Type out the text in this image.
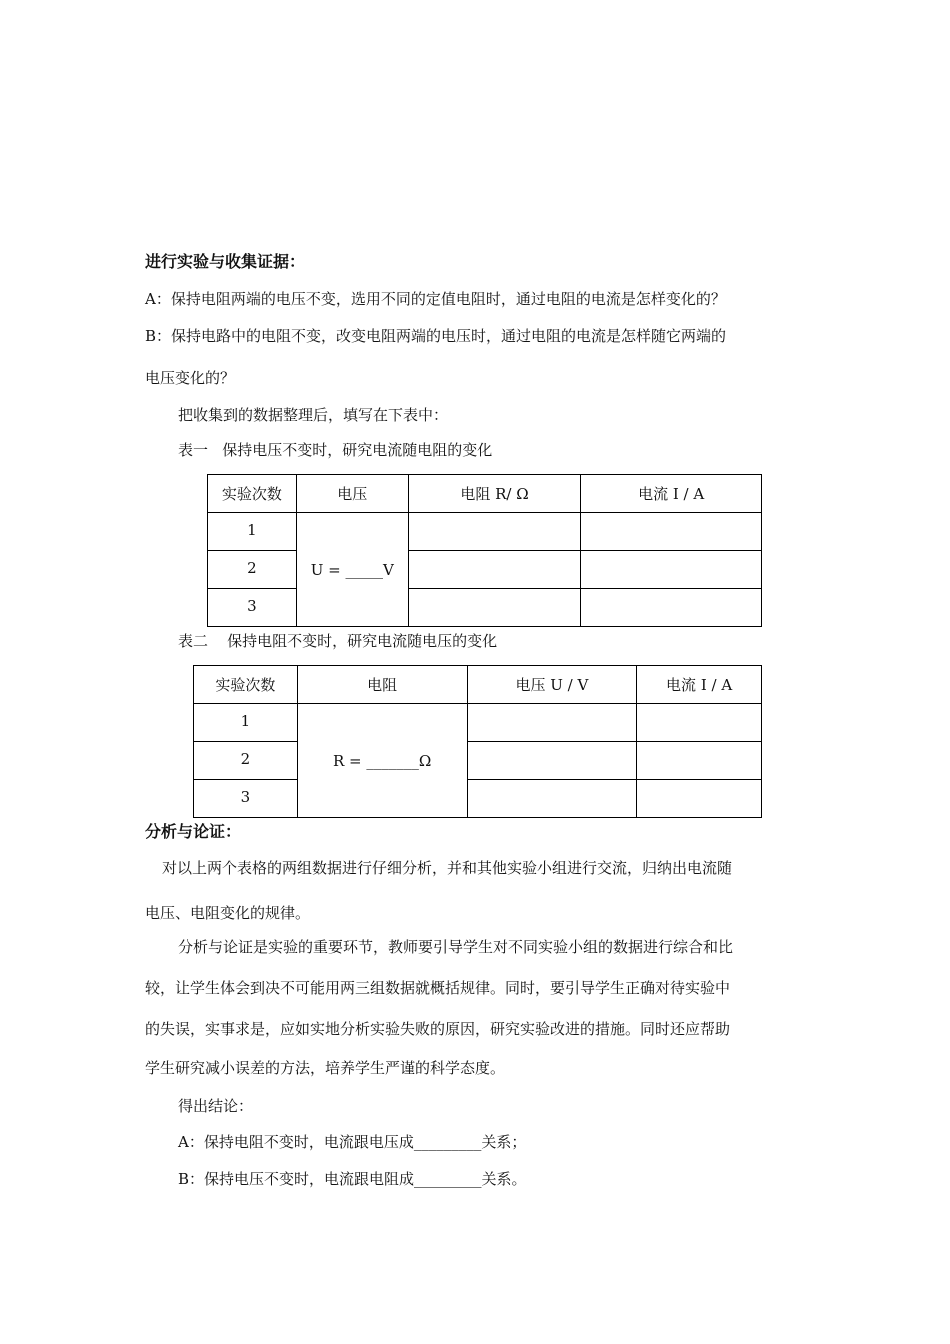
进行实验与收集证据：
A：保持电阻两端的电压不变，选用不同的定值电阻时，通过电阻的电流是怎样变化的？
B：保持电路中的电阻不变，改变电阻两端的电压时，通过电阻的电流是怎样随它两端的
电压变化的？
把收集到的数据整理后，填写在下表中：
表一   保持电压不变时，研究电流随电阻的变化
实验次数	电压	电阻 R/ Ω	电流 I / A
1	U = _____V		
2			
3			
表二    保持电阻不变时，研究电流随电压的变化
实验次数	电阻	电压 U / V	电流 I / A
1	R = _______Ω		
2			
3			
分析与论证：
对以上两个表格的两组数据进行仔细分析，并和其他实验小组进行交流，归纳出电流随
电压、电阻变化的规律。
分析与论证是实验的重要环节，教师要引导学生对不同实验小组的数据进行综合和比
较，让学生体会到决不可能用两三组数据就概括规律。同时，要引导学生正确对待实验中
的失误，实事求是，应如实地分析实验失败的原因，研究实验改进的措施。同时还应帮助
学生研究减小误差的方法，培养学生严谨的科学态度。
得出结论：
A：保持电阻不变时，电流跟电压成_________关系；
B：保持电压不变时，电流跟电阻成_________关系。
